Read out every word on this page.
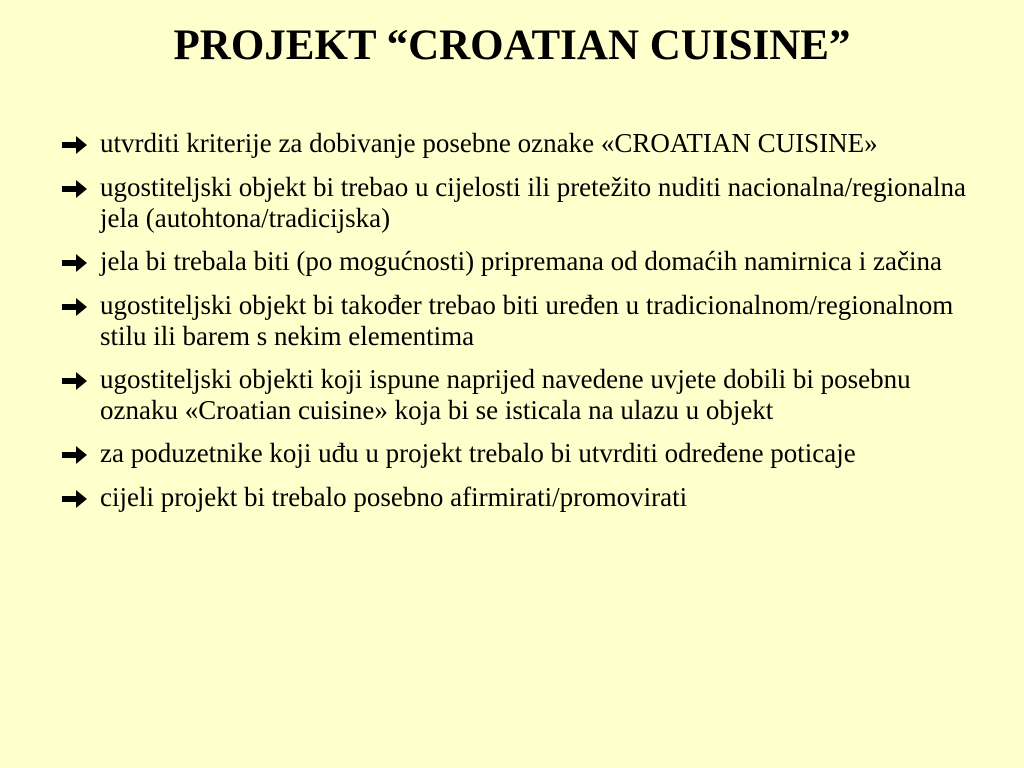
PROJEKT “CROATIAN CUISINE”
utvrditi kriterije za dobivanje posebne oznake «CROATIAN CUISINE»
ugostiteljski objekt bi trebao u cijelosti ili pretežito nuditi nacionalna/regionalna jela (autohtona/tradicijska)
jela bi trebala biti (po mogućnosti) pripremana od domaćih namirnica i začina
ugostiteljski objekt bi također trebao biti uređen u tradicionalnom/regionalnom stilu ili barem s nekim elementima
ugostiteljski objekti koji ispune naprijed navedene uvjete dobili bi posebnu oznaku «Croatian cuisine» koja bi se isticala na ulazu u objekt
za poduzetnike koji uđu u projekt trebalo bi utvrditi određene poticaje
cijeli projekt bi trebalo posebno afirmirati/promovirati
